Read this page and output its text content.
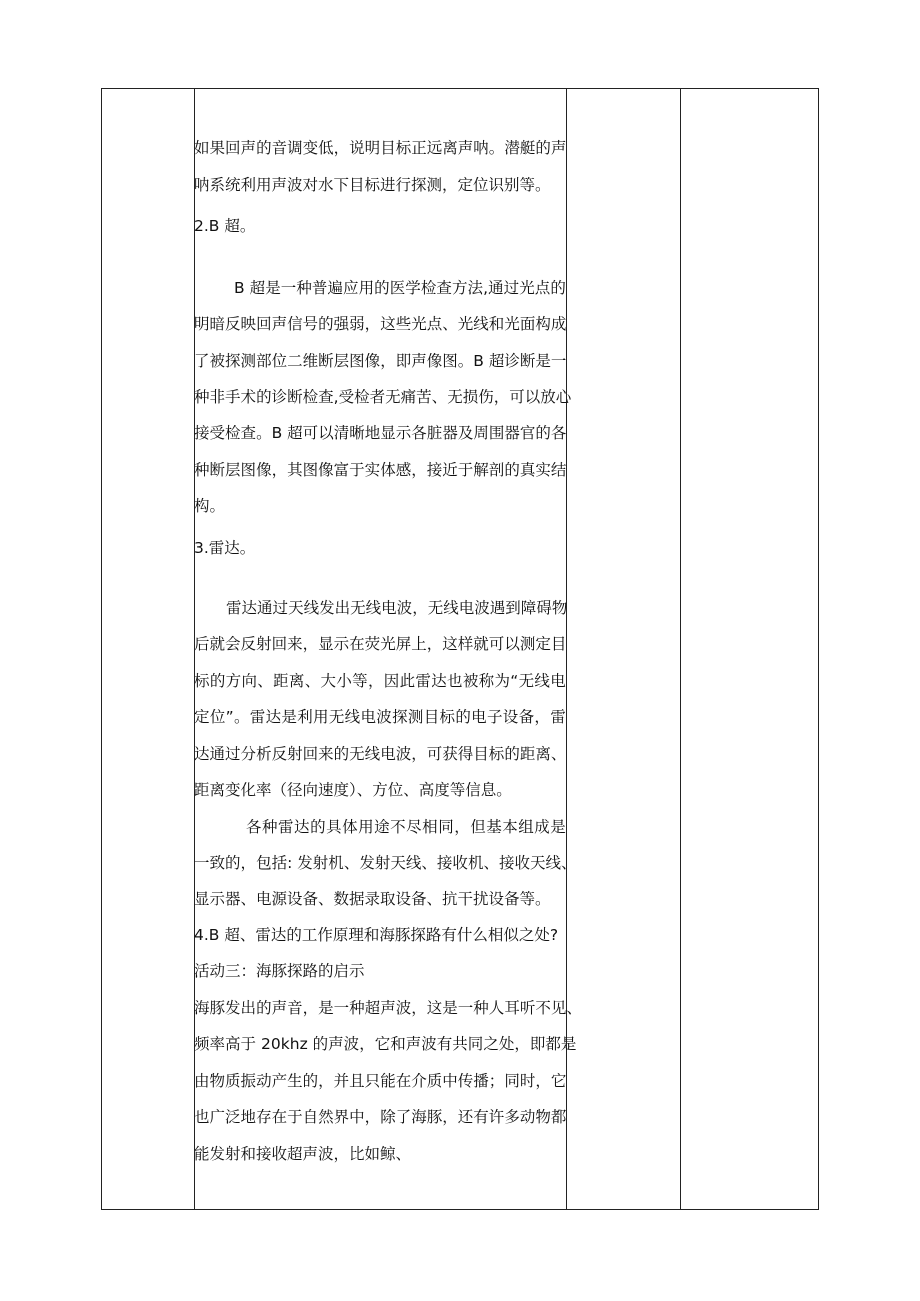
如 果 回 声 的 音 调 变 低 ， 说 明 目 标 正 远 离 声 呐 。 潜 艇 的 声
呐系统利用声波对水下目标进行探测，定位识别等。
2.B 超。
B
超 是 一 种 普 遍 应 用 的 医 学 检 查 方 法 , 通 过 光 点 的
明 暗 反 映 回 声 信 号 的 强 弱 ， 这 些 光 点 、 光 线 和 光 面 构 成
了 被 探 测 部 位 二 维 断 层 图 像 ， 即 声 像 图 。 B
超 诊 断 是 一
种 非 手 术 的 诊 断 检 查 , 受 检 者 无 痛 苦 、 无 损 伤 ， 可 以 放 心
接 受 检 查 。 B
超 可 以 清 晰 地 显 示 各 脏 器 及 周 围 器 官 的 各
种 断 层 图 像 ， 其 图 像 富 于 实 体 感 ， 接 近 于 解 剖 的 真 实 结
构。
3.雷达。
雷 达 通 过 天 线 发 出 无 线 电 波 ， 无 线 电 波 遇 到 障 碍 物
后 就 会 反 射 回 来 ， 显 示 在 荧 光 屏 上 ， 这 样 就 可 以 测 定 目
标 的 方 向 、 距 离 、 大 小 等 ， 因 此 雷 达 也 被 称 为 “ 无 线 电
定 位 ” 。 雷 达 是 利 用 无 线 电 波 探 测 目 标 的 电 子 设 备 ， 雷
达 通 过 分 析 反 射 回 来 的 无 线 电 波 ， 可 获 得 目 标 的 距 离 、
距离变化率（径向速度）、方位、高度等信息。
各 种 雷 达 的 具 体 用 途 不 尽 相 同 ， 但 基 本 组 成 是
一 致 的 ， 包 括 :
发 射 机 、 发 射 天 线 、 接 收 机 、 接 收 天 线 、
显示器、电源设备、数据录取设备、抗干扰设备等。
4.B 超、雷达的工作原理和海豚探路有什么相似之处?
活动三：海豚探路的启示
海 豚 发 出 的 声 音 ， 是 一 种 超 声 波 ， 这 是 一 种 人 耳 听 不 见 、
频 率 高 于
2 0 k h z
的 声 波 ， 它 和 声 波 有 共 同 之 处 ， 即 都 是
由 物 质 振 动 产 生 的 ， 并 且 只 能 在 介 质 中 传 播 ； 同 时 ， 它
也 广 泛 地 存 在 于 自 然 界 中 ， 除 了 海 豚 ， 还 有 许 多 动 物 都
能发射和接收超声波，比如鲸、
